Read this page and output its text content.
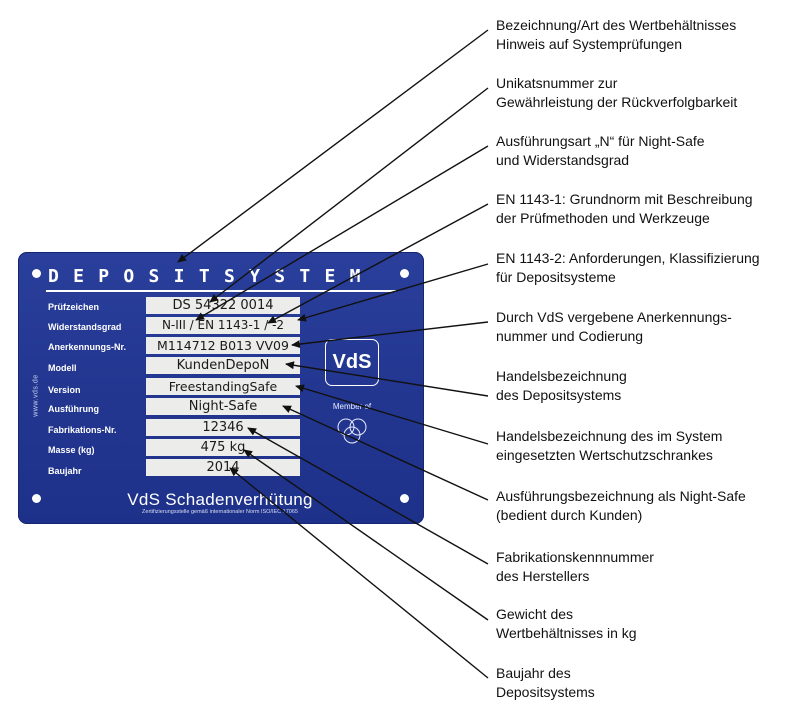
DEPOSITSYSTEM
www.vds.de
Prüfzeichen	DS 54322 0014
Widerstandsgrad	N-III / EN 1143-1 / -2
Anerkennungs-Nr.	M114712 B013 VV09
Modell	KundenDepoN
Version	FreestandingSafe
Ausführung	Night-Safe
Fabrikations-Nr.	12346
Masse (kg)	475 kg
Baujahr	2014
VdS
Member of
VdS Schadenverhütung
Zertifizierungsstelle gemäß internationaler Norm ISO/IEC 17065
Bezeichnung/Art des Wertbehältnisses
Hinweis auf Systemprüfungen
Unikatsnummer zur
Gewährleistung der Rückverfolgbarkeit
Ausführungsart „N“ für Night-Safe
und Widerstandsgrad
EN 1143-1: Grundnorm mit Beschreibung
der Prüfmethoden und Werkzeuge
EN 1143-2: Anforderungen, Klassifizierung
für Depositsysteme
Durch VdS vergebene Anerkennungs-
nummer und Codierung
Handelsbezeichnung
des Depositsystems
Handelsbezeichnung des im System
eingesetzten Wertschutzschrankes
Ausführungsbezeichnung als Night-Safe
(bedient durch Kunden)
Fabrikationskennnummer
des Herstellers
Gewicht des
Wertbehältnisses in kg
Baujahr des
Depositsystems
